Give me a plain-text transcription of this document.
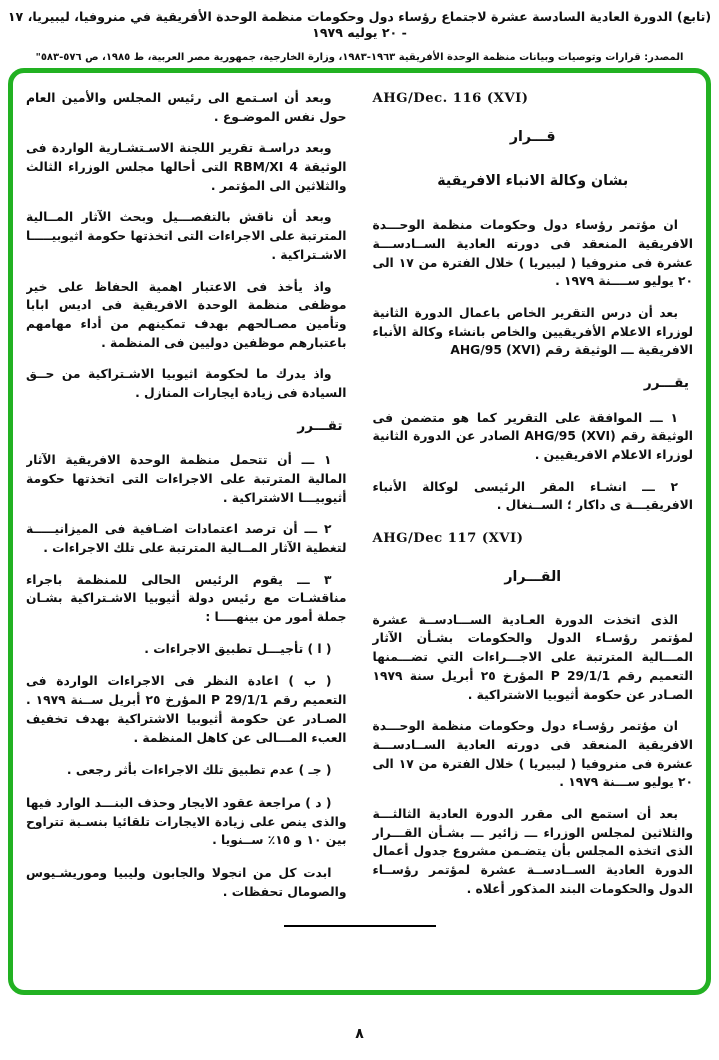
(تابع) الدورة العادية السادسة عشرة لاجتماع رؤساء دول وحكومات منظمة الوحدة الأفريقية في منروفيا، ليبيريا، ١٧ - ٢٠ يوليه ١٩٧٩
المصدر: قرارات وتوصيات وبيانات منظمة الوحدة الأفريقية ١٩٦٣-١٩٨٣، وزارة الخارجية، جمهورية مصر العربية، ط ١٩٨٥، ص ٥٧٦-٥٨٣"
AHG/Dec. 116 (XVI)
قـــرار
بشان وكالة الانباء الافريقية
ان مؤتمر رؤساء دول وحكومات منظمة الوحـــدة الافريقية المنعقد فى دورته العادية الســادســـة عشرة فى منروفيا ( ليبيريا ) خلال الفترة من ١٧ الى ٢٠ يوليو ســــنة ١٩٧٩ .
بعد أن درس التقرير الخاص باعمال الدورة الثانية لوزراء الاعلام الأفريقيين والخاص بانشاء وكالة الأنباء الافريقية ـــ الوثيقة رقم AHG/95 (XVI)
يقـــرر
١ ـــ الموافقة على التقرير كما هو متضمن فى الوثيقة رقم AHG/95 (XVI) الصادر عن الدورة الثانية لوزراء الاعلام الافريقيين .
٢ ـــ انشـاء المقر الرئيسى لوكالة الأنباء الافريقيـــة ى داكار ؛ الســنغال .
AHG/Dec 117 (XVI)
القـــرار
الذى اتخذت الدورة العـادية الســـادســة عشرة لمؤتمر رؤسـاء الدول والحكومات بشـأن الآثار المـــالية المترتبة على الاجـــراءات التي تضـــمنها التعميم رقم P 29/1/1 المؤرخ ٢٥ أبريل سنة ١٩٧٩ الصـادر عن حكومة أثيوبيا الاشتراكية .
ان مؤتمر رؤسـاء دول وحكومات منظمة الوحـــدة الافريقية المنعقد فى دورته العادية الســادســـة عشرة فى منروفيا ( ليبيريا ) خلال الفترة من ١٧ الى ٢٠ يوليو ســـنة ١٩٧٩ .
بعد أن استمع الى مقرر الدورة العادية الثالثـــة والثلاثين لمجلس الوزراء ـــ زائير ـــ بشـأن القـــرار الذى اتخذه المجلس بأن يتضـمن مشروع جدول أعمال الدورة العادية الســادســة عشرة لمؤتمر رؤســاء الدول والحكومات البند المذكور أعلاه .
وبعد أن اسـتمع الى رئيس المجلس والأمين العام حول نفس الموضـوع .
وبعد دراسـة تقرير اللجنة الاسـتشـارية الواردة فى الوثيقة RBM/XI 4 التى أحالها مجلس الوزراء الثالث والثلاثين الى المؤتمر .
وبعد أن ناقش بالتفصـــيل وبحث الآثار المــالية المترتبة على الاجراءات التى اتخذتها حكومة اثيوبيـــــا الاشـتراكية .
واذ يأخذ فى الاعتبار اهمية الحفاظ على خير موظفى منظمة الوحدة الافريقية فى اديس ابابا وتأمين مصـالحهم بهدف تمكينهم من أداء مهامهم باعتبارهم موظفين دوليين فى المنظمة .
واذ يدرك ما لحكومة اثيوبيا الاشـتراكية من حــق السيادة فى زيادة ايجارات المنازل .
تقـــرر
١ ـــ أن تتحمل منظمة الوحدة الافريقية الآثار المالية المترتبة على الاجراءات التى اتخذتها حكومة أثيوبيـــا الاشتراكية .
٢ ـــ أن ترصد اعتمادات اضـافية فى الميزانيـــــة لتغطية الآثار المــالية المترتبة على تلك الاجراءات .
٣ ـــ يقوم الرئيس الحالى للمنظمة باجراء مناقشـات مع رئيس دولة أثيوبيا الاشـتراكية بشـان جملة أمور من بينهــــا :
( ا ) تأجيـــل تطبيق الاجراءات .
( ب ) اعادة النظر فى الاجراءات الواردة فى التعميم رقم P 29/1/1 المؤرخ ٢٥ أبريل ســنة ١٩٧٩ . الصـادر عن حكومة أثيوبيا الاشتراكية بهدف تخفيف العبء المـــالى عن كاهل المنظمة .
( جـ ) عدم تطبيق تلك الاجراءات بأثر رجعى .
( د ) مراجعة عقود الايجار وحذف البنـــد الوارد فيها والذى ينص على زيادة الايجارات تلقائيا بنسـبة تتراوح بين ١٠ و ١٥٪ ســنويا .
ابدت كل من انجولا والجابون وليبيا وموريشـيوس والصومال تحفظات .
٨
